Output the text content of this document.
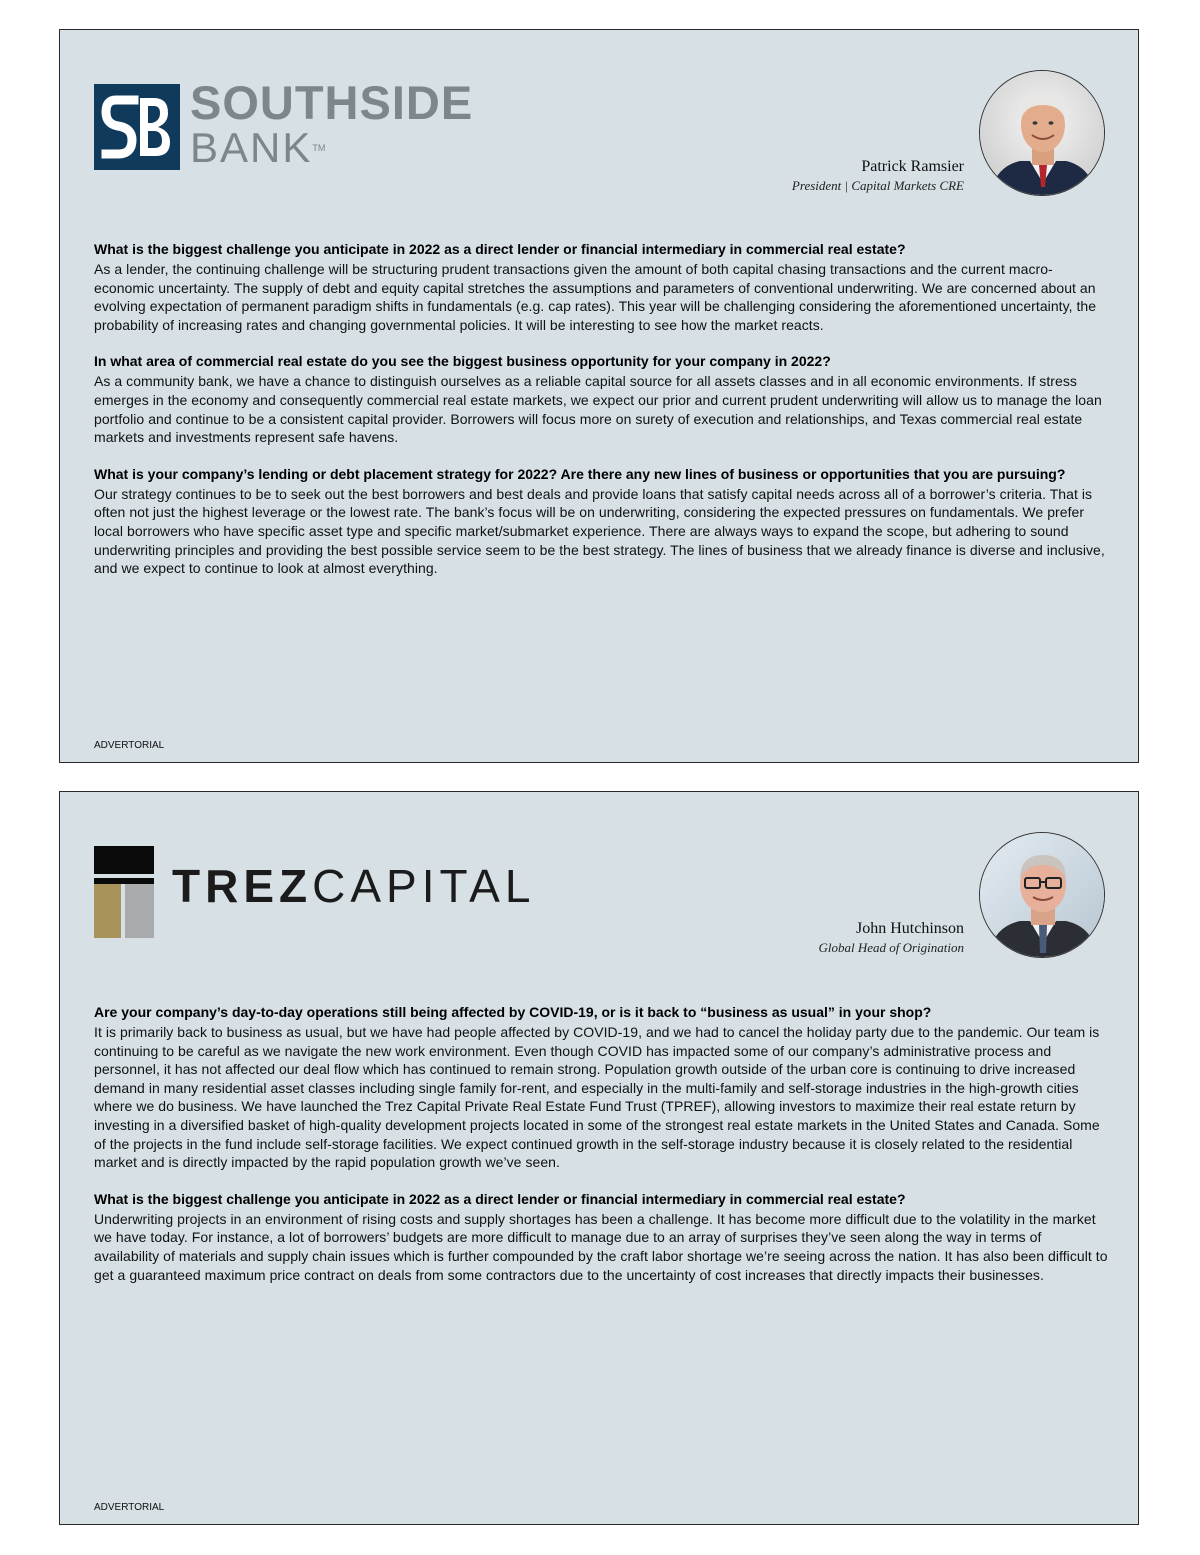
SOUTHSIDE
BANK™
Patrick Ramsier
President | Capital Markets CRE

What is the biggest challenge you anticipate in 2022 as a direct lender or financial intermediary in commercial real estate?

As a lender, the continuing challenge will be structuring prudent transactions given the amount of both capital chasing transactions and the current macro-economic uncertainty. The supply of debt and equity capital stretches the assumptions and parameters of conventional underwriting. We are concerned about an evolving expectation of permanent paradigm shifts in fundamentals (e.g. cap rates). This year will be challenging considering the aforementioned uncertainty, the probability of increasing rates and changing governmental policies. It will be interesting to see how the market reacts.

In what area of commercial real estate do you see the biggest business opportunity for your company in 2022?

As a community bank, we have a chance to distinguish ourselves as a reliable capital source for all assets classes and in all economic environments. If stress emerges in the economy and consequently commercial real estate markets, we expect our prior and current prudent underwriting will allow us to manage the loan portfolio and continue to be a consistent capital provider. Borrowers will focus more on surety of execution and relationships, and Texas commercial real estate markets and investments represent safe havens.

What is your company’s lending or debt placement strategy for 2022? Are there any new lines of business or opportunities that you are pursuing?

Our strategy continues to be to seek out the best borrowers and best deals and provide loans that satisfy capital needs across all of a borrower’s criteria. That is often not just the highest leverage or the lowest rate. The bank’s focus will be on underwriting, considering the expected pressures on fundamentals. We prefer local borrowers who have specific asset type and specific market/submarket experience. There are always ways to expand the scope, but adhering to sound underwriting principles and providing the best possible service seem to be the best strategy. The lines of business that we already finance is diverse and inclusive, and we expect to continue to look at almost everything.

ADVERTORIAL
TREZCAPITAL
John Hutchinson
Global Head of Origination

Are your company’s day-to-day operations still being affected by COVID-19, or is it back to “business as usual” in your shop?

It is primarily back to business as usual, but we have had people affected by COVID-19, and we had to cancel the holiday party due to the pandemic. Our team is continuing to be careful as we navigate the new work environment. Even though COVID has impacted some of our company’s administrative process and personnel, it has not affected our deal flow which has continued to remain strong. Population growth outside of the urban core is continuing to drive increased demand in many residential asset classes including single family for-rent, and especially in the multi-family and self-storage industries in the high-growth cities where we do business. We have launched the Trez Capital Private Real Estate Fund Trust (TPREF), allowing investors to maximize their real estate return by investing in a diversified basket of high-quality development projects located in some of the strongest real estate markets in the United States and Canada. Some of the projects in the fund include self-storage facilities. We expect continued growth in the self-storage industry because it is closely related to the residential market and is directly impacted by the rapid population growth we’ve seen.

What is the biggest challenge you anticipate in 2022 as a direct lender or financial intermediary in commercial real estate?

Underwriting projects in an environment of rising costs and supply shortages has been a challenge. It has become more difficult due to the volatility in the market we have today. For instance, a lot of borrowers’ budgets are more difficult to manage due to an array of surprises they’ve seen along the way in terms of availability of materials and supply chain issues which is further compounded by the craft labor shortage we’re seeing across the nation. It has also been difficult to get a guaranteed maximum price contract on deals from some contractors due to the uncertainty of cost increases that directly impacts their businesses.

ADVERTORIAL
